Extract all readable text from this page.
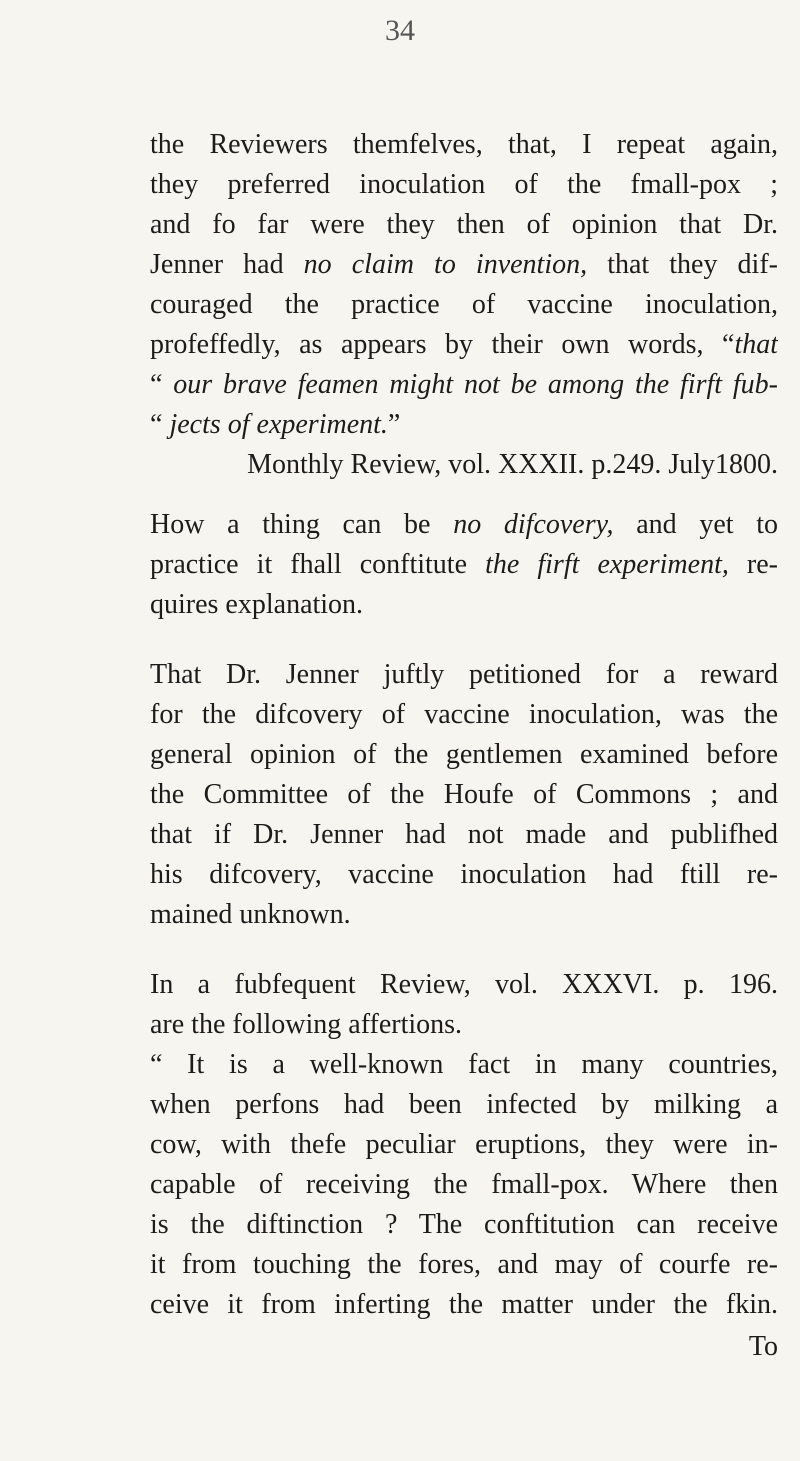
34
the Reviewers themfelves, that, I repeat again,
they preferred inoculation of the fmall-pox ;
and fo far were they then of opinion that Dr.
Jenner had no claim to invention, that they dif-
couraged the practice of vaccine inoculation,
profeffedly, as appears by their own words, “that
“ our brave feamen might not be among the firft fub-
“ jects of experiment.”
Monthly Review, vol. XXXII. p.249. July1800.
How a thing can be no difcovery, and yet to
practice it fhall conftitute the firft experiment, re-
quires explanation.
That Dr. Jenner juftly petitioned for a reward
for the difcovery of vaccine inoculation, was the
general opinion of the gentlemen examined before
the Committee of the Houfe of Commons ; and
that if Dr. Jenner had not made and publifhed
his difcovery, vaccine inoculation had ftill re-
mained unknown.
In a fubfequent Review, vol. XXXVI. p. 196.
are the following affertions.
“ It is a well-known fact in many countries,
when perfons had been infected by milking a
cow, with thefe peculiar eruptions, they were in-
capable of receiving the fmall-pox. Where then
is the diftinction ? The conftitution can receive
it from touching the fores, and may of courfe re-
ceive it from inferting the matter under the fkin.
To
